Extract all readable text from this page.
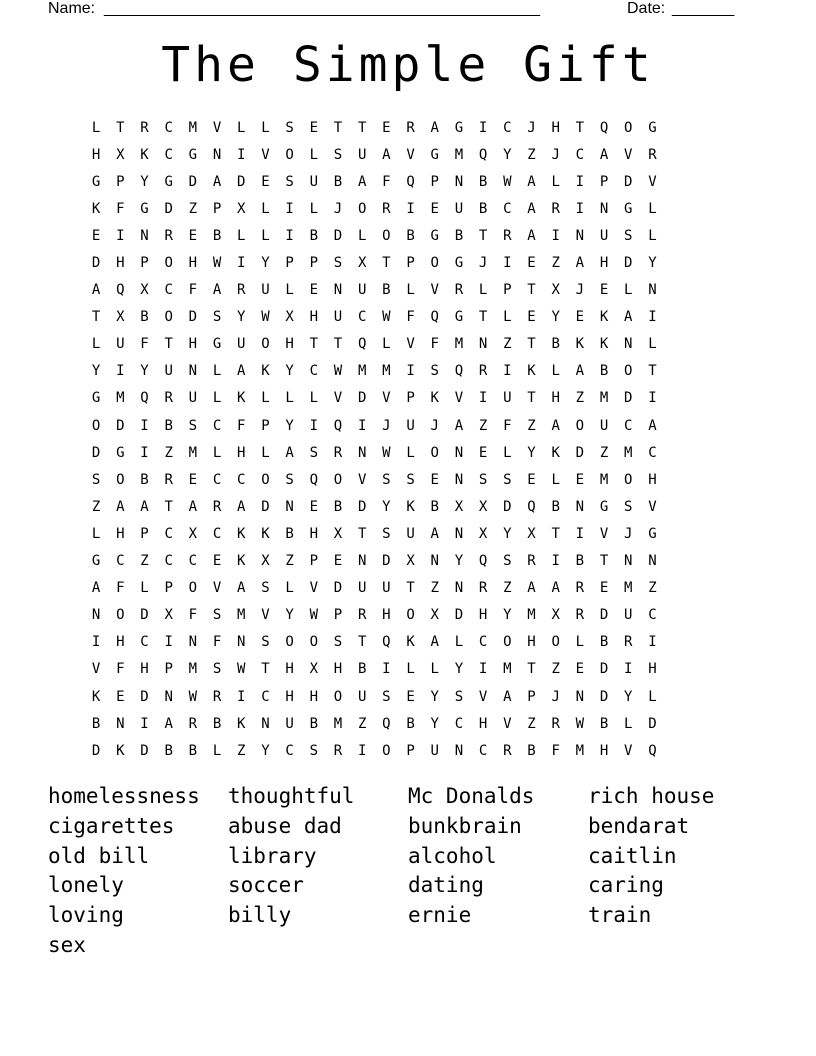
Name: _________________________________________________	Date: _______
The Simple Gift
L	T	R	C	M	V	L	L	S	E	T	T	E	R	A	G	I	C	J	H	T	Q	O	G
H	X	K	C	G	N	I	V	O	L	S	U	A	V	G	M	Q	Y	Z	J	C	A	V	R
G	P	Y	G	D	A	D	E	S	U	B	A	F	Q	P	N	B	W	A	L	I	P	D	V
K	F	G	D	Z	P	X	L	I	L	J	O	R	I	E	U	B	C	A	R	I	N	G	L
E	I	N	R	E	B	L	L	I	B	D	L	O	B	G	B	T	R	A	I	N	U	S	L
D	H	P	O	H	W	I	Y	P	P	S	X	T	P	O	G	J	I	E	Z	A	H	D	Y
A	Q	X	C	F	A	R	U	L	E	N	U	B	L	V	R	L	P	T	X	J	E	L	N
T	X	B	O	D	S	Y	W	X	H	U	C	W	F	Q	G	T	L	E	Y	E	K	A	I
L	U	F	T	H	G	U	O	H	T	T	Q	L	V	F	M	N	Z	T	B	K	K	N	L
Y	I	Y	U	N	L	A	K	Y	C	W	M	M	I	S	Q	R	I	K	L	A	B	O	T
G	M	Q	R	U	L	K	L	L	L	V	D	V	P	K	V	I	U	T	H	Z	M	D	I
O	D	I	B	S	C	F	P	Y	I	Q	I	J	U	J	A	Z	F	Z	A	O	U	C	A
D	G	I	Z	M	L	H	L	A	S	R	N	W	L	O	N	E	L	Y	K	D	Z	M	C
S	O	B	R	E	C	C	O	S	Q	O	V	S	S	E	N	S	S	E	L	E	M	O	H
Z	A	A	T	A	R	A	D	N	E	B	D	Y	K	B	X	X	D	Q	B	N	G	S	V
L	H	P	C	X	C	K	K	B	H	X	T	S	U	A	N	X	Y	X	T	I	V	J	G
G	C	Z	C	C	E	K	X	Z	P	E	N	D	X	N	Y	Q	S	R	I	B	T	N	N
A	F	L	P	O	V	A	S	L	V	D	U	U	T	Z	N	R	Z	A	A	R	E	M	Z
N	O	D	X	F	S	M	V	Y	W	P	R	H	O	X	D	H	Y	M	X	R	D	U	C
I	H	C	I	N	F	N	S	O	O	S	T	Q	K	A	L	C	O	H	O	L	B	R	I
V	F	H	P	M	S	W	T	H	X	H	B	I	L	L	Y	I	M	T	Z	E	D	I	H
K	E	D	N	W	R	I	C	H	H	O	U	S	E	Y	S	V	A	P	J	N	D	Y	L
B	N	I	A	R	B	K	N	U	B	M	Z	Q	B	Y	C	H	V	Z	R	W	B	L	D
D	K	D	B	B	L	Z	Y	C	S	R	I	O	P	U	N	C	R	B	F	M	H	V	Q
homelessness	thoughtful	Mc Donalds	rich house
cigarettes	abuse dad	bunkbrain	bendarat
old bill	library	alcohol	caitlin
lonely	soccer	dating	caring
loving	billy	ernie	train
sex
